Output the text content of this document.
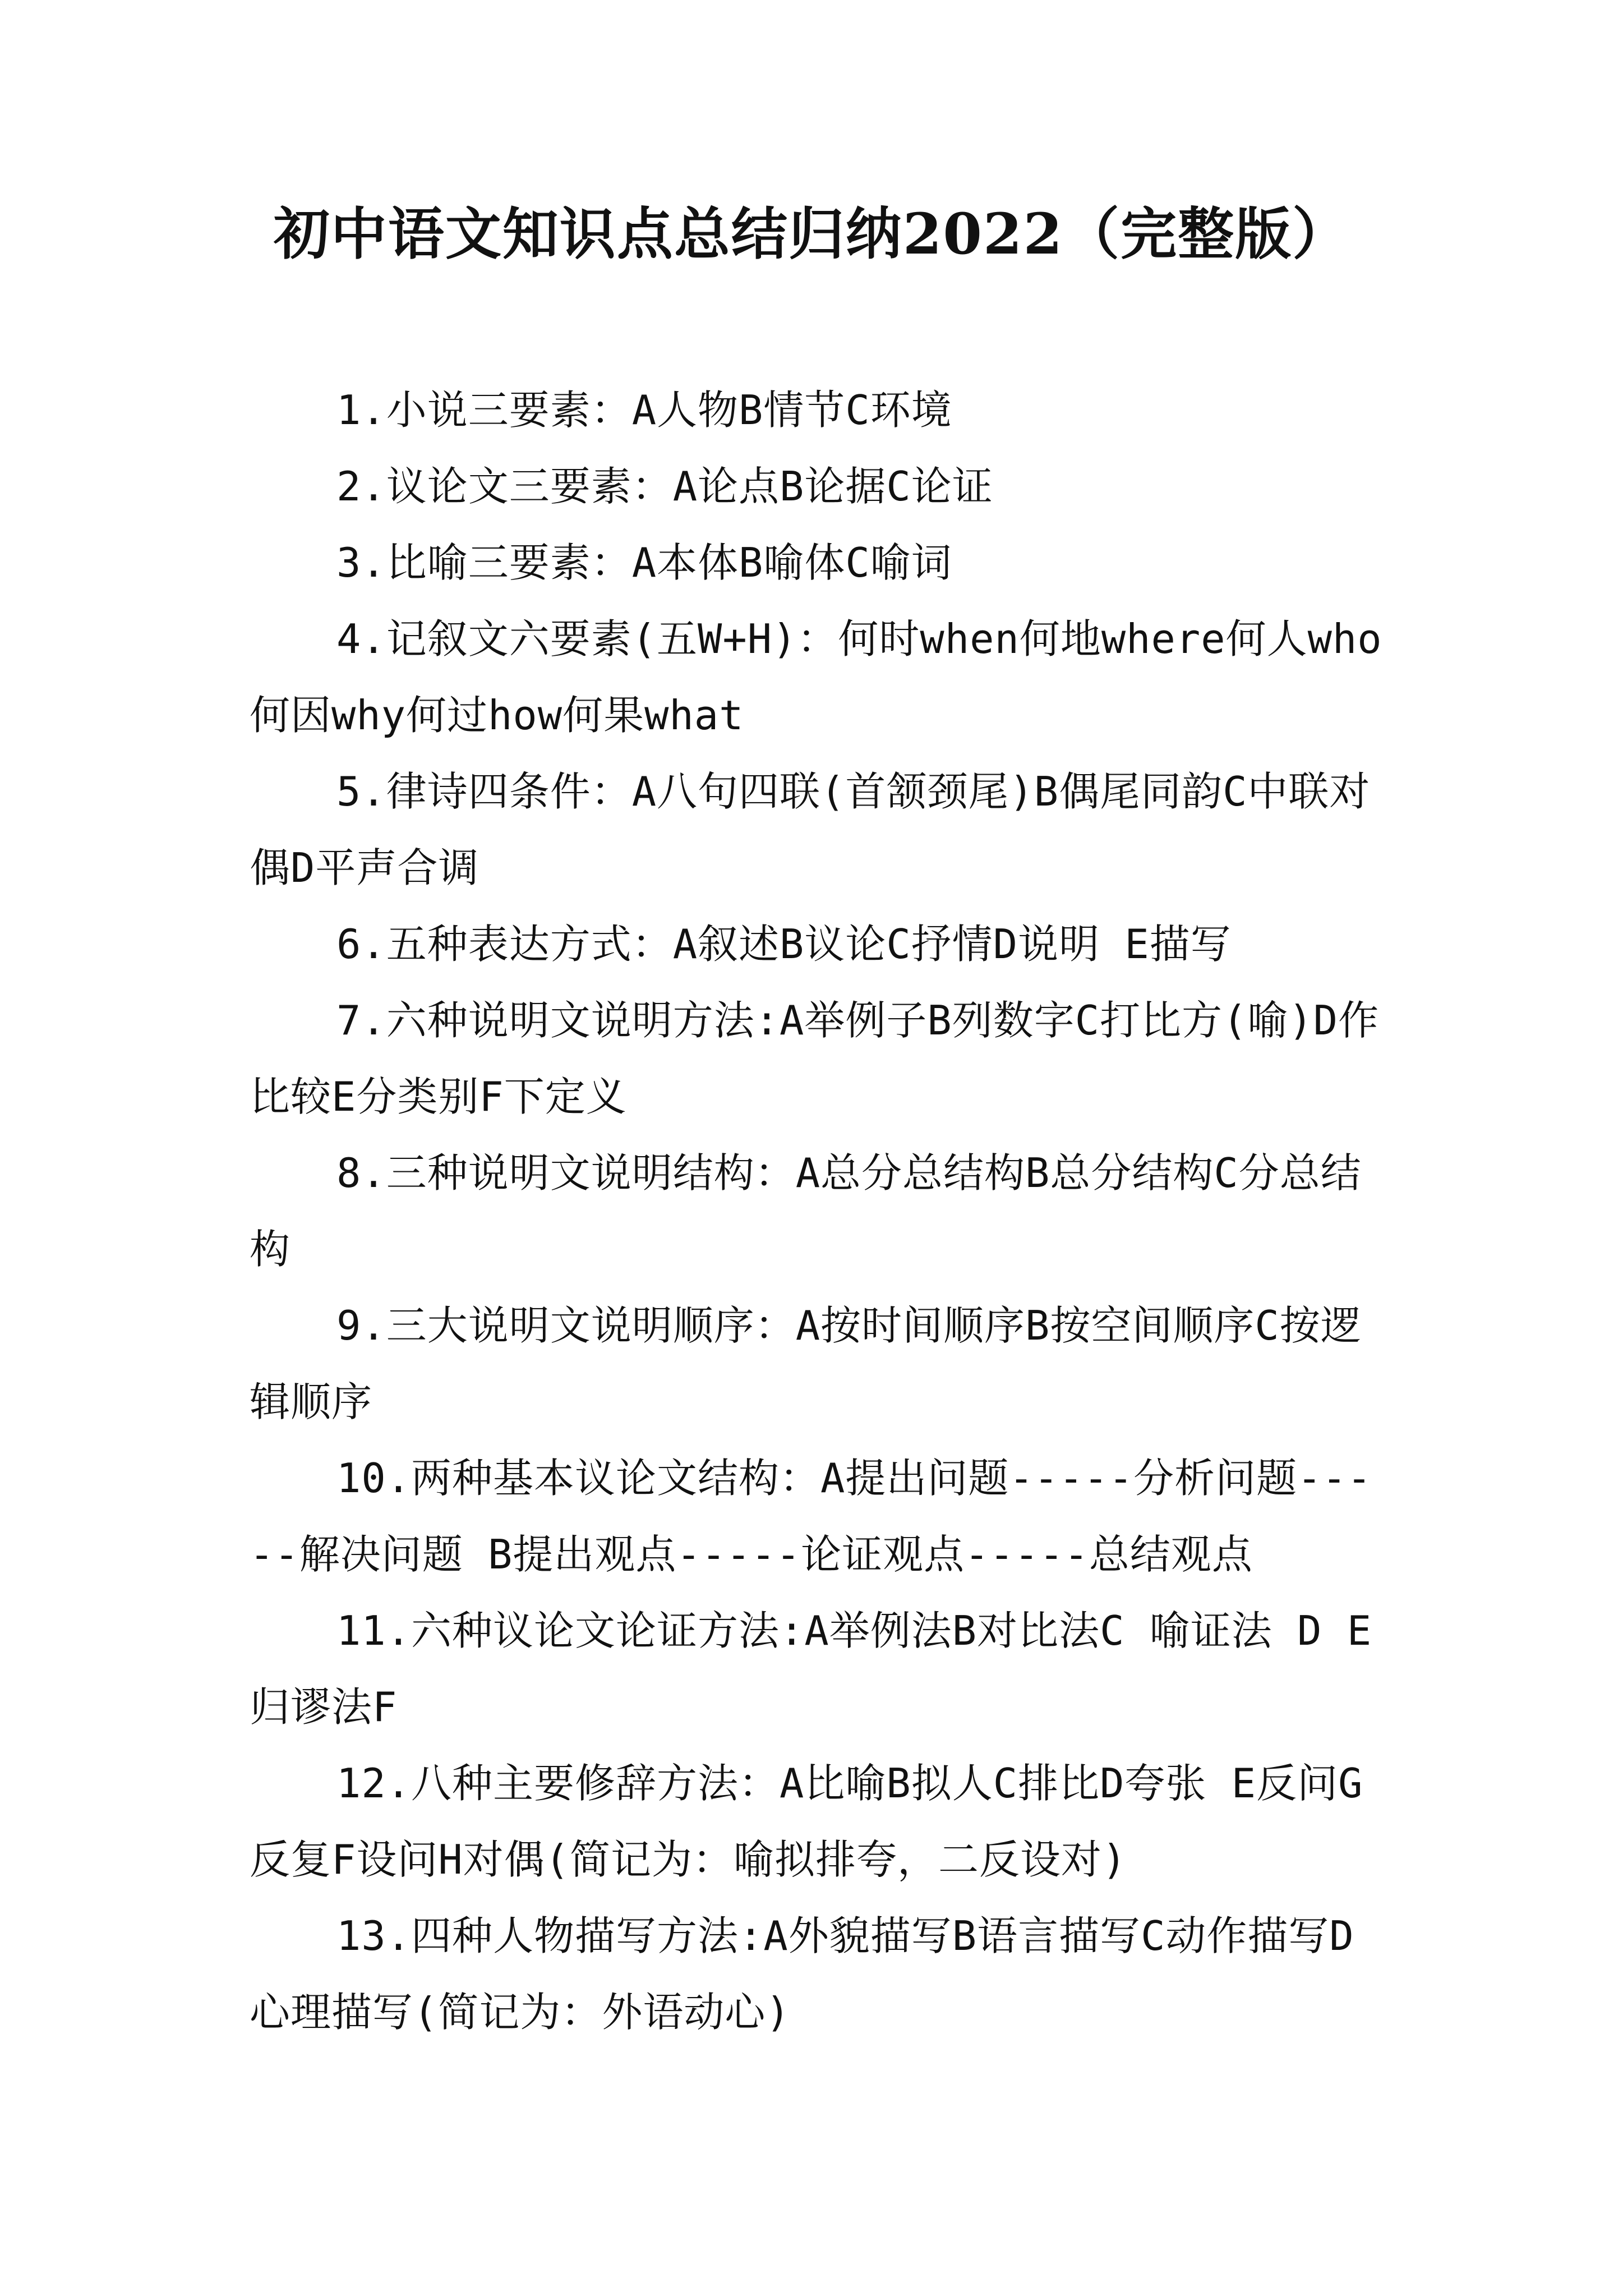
初中语文知识点总结归纳2022（完整版）

1.小说三要素：A人物B情节C环境

2.议论文三要素：A论点B论据C论证

3.比喻三要素：A本体B喻体C喻词

4.记叙文六要素(五W+H)：何时when何地where何人who何因why何过how何果what

5.律诗四条件：A八句四联(首颔颈尾)B偶尾同韵C中联对偶D平声合调

6.五种表达方式：A叙述B议论C抒情D说明 E描写

7.六种说明文说明方法:A举例子B列数字C打比方(喻)D作比较E分类别F下定义

8.三种说明文说明结构：A总分总结构B总分结构C分总结构

9.三大说明文说明顺序：A按时间顺序B按空间顺序C按逻辑顺序

10.两种基本议论文结构：A提出问题-----分析问题-----解决问题 B提出观点-----论证观点-----总结观点

11.六种议论文论证方法:A举例法B对比法C 喻证法 D E归谬法F

12.八种主要修辞方法：A比喻B拟人C排比D夸张 E反问G反复F设问H对偶(简记为：喻拟排夸，二反设对)

13.四种人物描写方法:A外貌描写B语言描写C动作描写D心理描写(简记为：外语动心)
